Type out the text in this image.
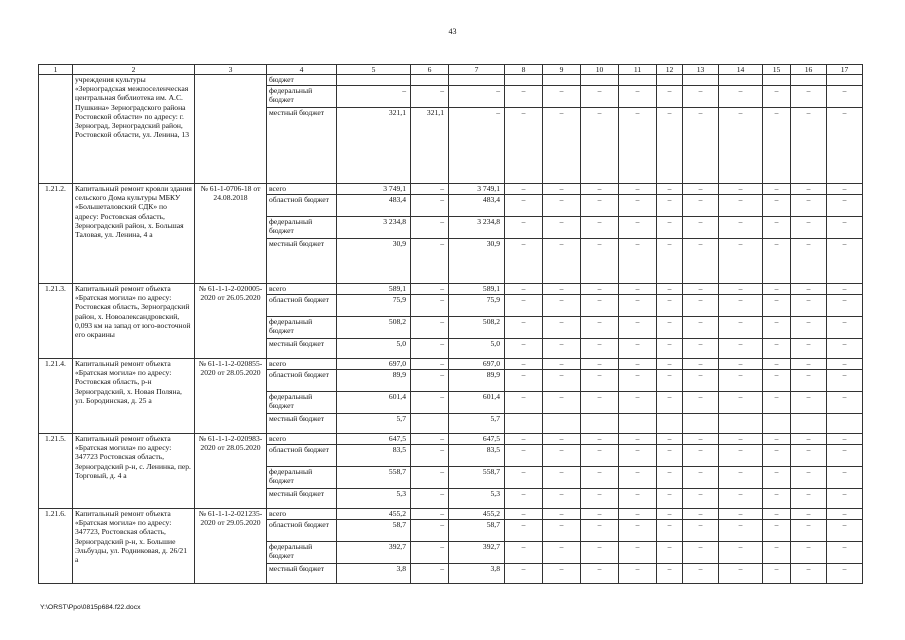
43
1	2	3	4	5	6	7	8	9	10	11	12	13	14	15	16	17
	учреждения культуры «Зерноградская межпоселенческая центральная библиотека им. А.С. Пушкина» Зерноградского района Ростовской области» по адресу: г. Зерноград, Зерноградский район, Ростовской области, ул. Ленина, 13		бюджет													
			федеральный бюджет	–	–	–	–	–	–	–	–	–	–	–	–	–
			местный бюджет	321,1	321,1	–	–	–	–	–	–	–	–	–	–	–
1.21.2.	Капитальный ремонт кровли здания сельского Дома культуры МБКУ «Большеталовский СДК» по адресу: Ростовская область, Зерноградский район, х. Большая Таловая, ул. Ленина, 4 а	№ 61-1-0706-18 от 24.08.2018	всего	3 749,1	–	3 749,1	–	–	–	–	–	–	–	–	–	–
			областной бюджет	483,4	–	483,4	–	–	–	–	–	–	–	–	–	–
			федеральный бюджет	3 234,8	–	3 234,8	–	–	–	–	–	–	–	–	–	–
			местный бюджет	30,9	–	30,9	–	–	–	–	–	–	–	–	–	–
1.21.3.	Капитальный ремонт объекта «Братская могила» по адресу: Ростовская область, Зерноградский район, х. Новоалександровский, 0,093 км на запад от юго-восточной его окраины	№ 61-1-1-2-020005-2020 от 26.05.2020	всего	589,1	–	589,1	–	–	–	–	–	–	–	–	–	–
			областной бюджет	75,9	–	75,9	–	–	–	–	–	–	–	–	–	–
			федеральный бюджет	508,2	–	508,2	–	–	–	–	–	–	–	–	–	–
			местный бюджет	5,0	–	5,0	–	–	–	–	–	–	–	–	–	–
1.21.4.	Капитальный ремонт объекта «Братская могила» по адресу: Ростовская область, р-н Зерноградский, х. Новая Поляна, ул. Бородинская, д. 25 а	№ 61-1-1-2-020855-2020 от 28.05.2020	всего	697,0	–	697,0	–	–	–	–	–	–	–	–	–	–
			областной бюджет	89,9	–	89,9	–	–	–	–	–	–	–	–	–	–
			федеральный бюджет	601,4	–	601,4	–	–	–	–	–	–	–	–	–	–
			местный бюджет	5,7		5,7										
1.21.5.	Капитальный ремонт объекта «Братская могила» по адресу: 347723 Ростовская область, Зерноградский р-н, с. Ленинка, пер. Торговый, д. 4 а	№ 61-1-1-2-020983-2020 от 28.05.2020	всего	647,5	–	647,5	–	–	–	–	–	–	–	–	–	–
			областной бюджет	83,5	–	83,5	–	–	–	–	–	–	–	–	–	–
			федеральный бюджет	558,7	–	558,7	–	–	–	–	–	–	–	–	–	–
			местный бюджет	5,3	–	5,3	–	–	–	–	–	–	–	–	–	–
1.21.6.	Капитальный ремонт объекта «Братская могила» по адресу: 347723, Ростовская область, Зерноградский р-н, х. Большие Эльбузды, ул. Родниковая, д. 26/21 а	№ 61-1-1-2-021235-2020 от 29.05.2020	всего	455,2	–	455,2	–	–	–	–	–	–	–	–	–	–
			областной бюджет	58,7	–	58,7	–	–	–	–	–	–	–	–	–	–
			федеральный бюджет	392,7	–	392,7	–	–	–	–	–	–	–	–	–	–
			местный бюджет	3,8	–	3,8	–	–	–	–	–	–	–	–	–	–
Y:\ORST\Ppo\0815p684.f22.docx
